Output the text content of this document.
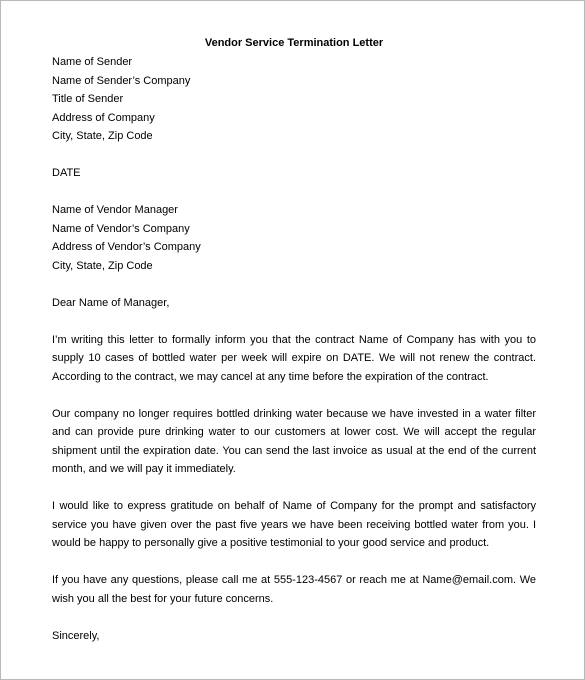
Vendor Service Termination Letter
Name of Sender
Name of Sender’s Company
Title of Sender
Address of Company
City, State, Zip Code
DATE
Name of Vendor Manager
Name of Vendor’s Company
Address of Vendor’s Company
City, State, Zip Code
Dear Name of Manager,
I’m writing this letter to formally inform you that the contract Name of Company has with you to supply 10 cases of bottled water per week will expire on DATE. We will not renew the contract. According to the contract, we may cancel at any time before the expiration of the contract.
Our company no longer requires bottled drinking water because we have invested in a water filter and can provide pure drinking water to our customers at lower cost. We will accept the regular shipment until the expiration date. You can send the last invoice as usual at the end of the current month, and we will pay it immediately.
I would like to express gratitude on behalf of Name of Company for the prompt and satisfactory service you have given over the past five years we have been receiving bottled water from you. I would be happy to personally give a positive testimonial to your good service and product.
If you have any questions, please call me at 555-123-4567 or reach me at Name@email.com. We wish you all the best for your future concerns.
Sincerely,
